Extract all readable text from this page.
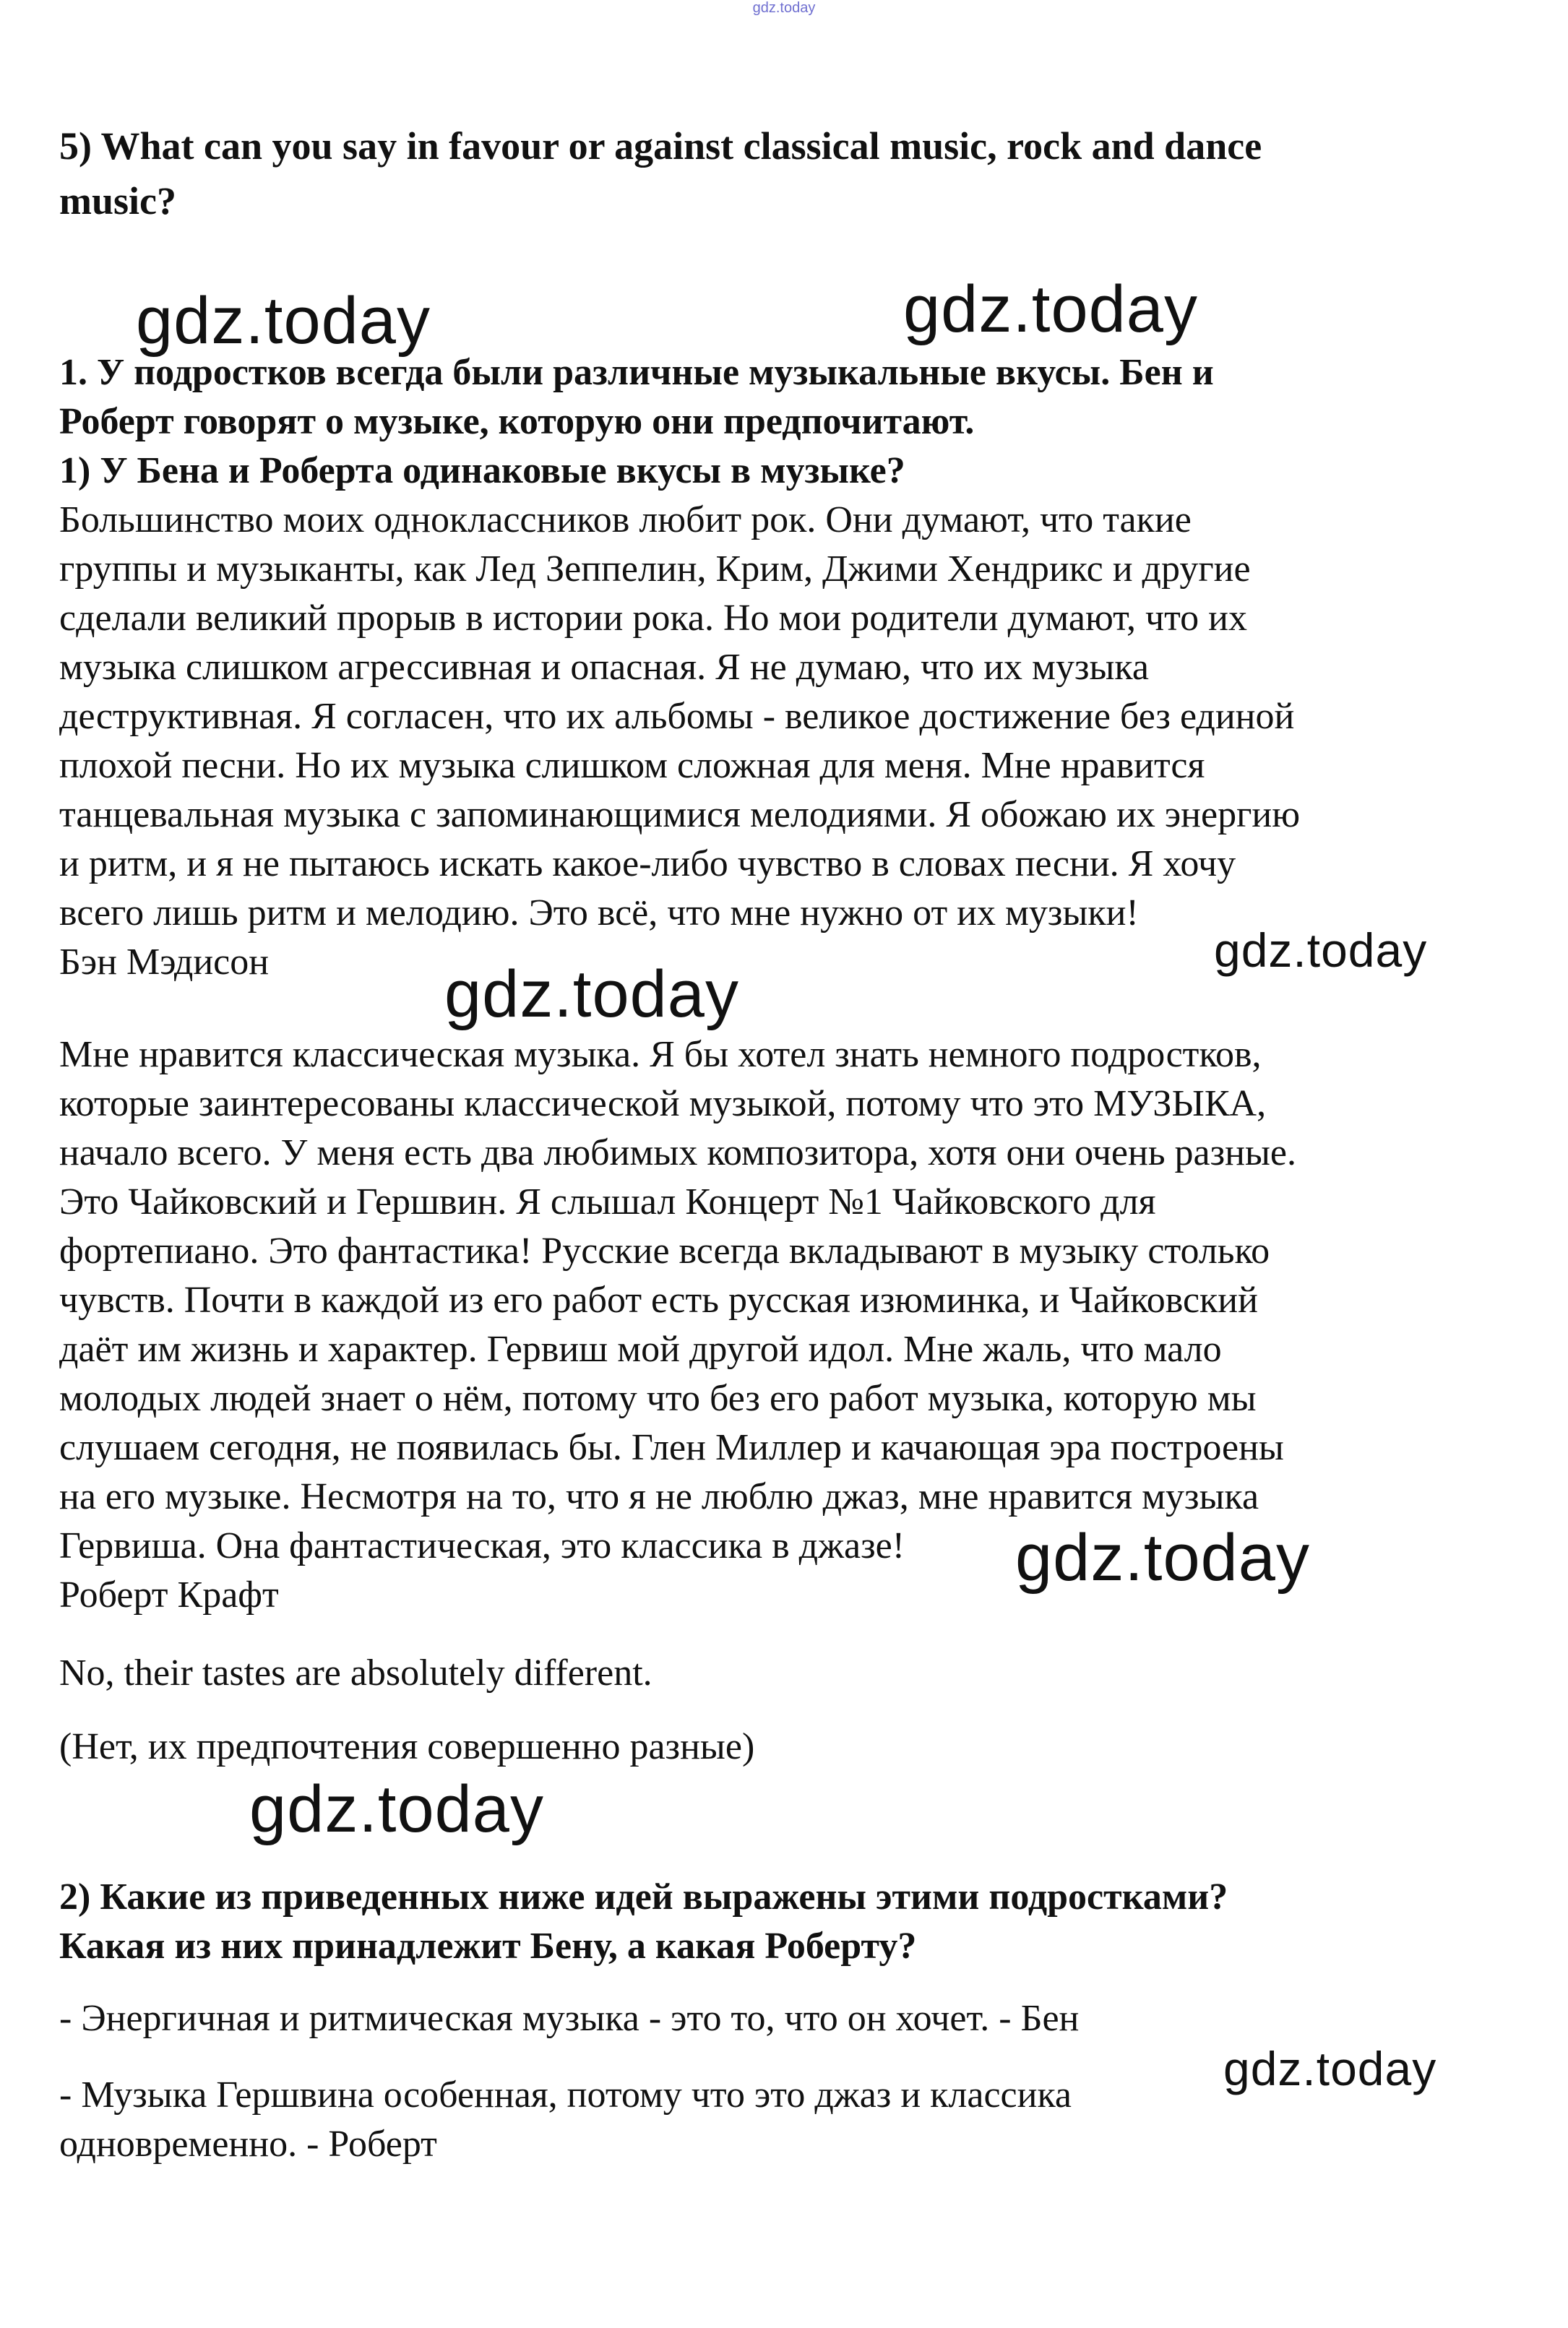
gdz.today
5) What can you say in favour or against classical music, rock and dance
music?
gdz.today	gdz.today
1. У подростков всегда были различные музыкальные вкусы. Бен и
Роберт говорят о музыке, которую они предпочитают.
1) У Бена и Роберта одинаковые вкусы в музыке?
Большинство моих одноклассников любит рок. Они думают, что такие
группы и музыканты, как Лед Зеппелин, Крим, Джими Хендрикс и другие
сделали великий прорыв в истории рока. Но мои родители думают, что их
музыка слишком агрессивная и опасная. Я не думаю, что их музыка
деструктивная. Я согласен, что их альбомы - великое достижение без единой
плохой песни. Но их музыка слишком сложная для меня. Мне нравится
танцевальная музыка с запоминающимися мелодиями. Я обожаю их энергию
и ритм, и я не пытаюсь искать какое-либо чувство в словах песни. Я хочу
всего лишь ритм и мелодию. Это всё, что мне нужно от их музыки!
Бэн Мэдисон	gdz.today
gdz.today
Мне нравится классическая музыка. Я бы хотел знать немного подростков,
которые заинтересованы классической музыкой, потому что это МУЗЫКА,
начало всего. У меня есть два любимых композитора, хотя они очень разные.
Это Чайковский и Гершвин. Я слышал Концерт №1 Чайковского для
фортепиано. Это фантастика! Русские всегда вкладывают в музыку столько
чувств. Почти в каждой из его работ есть русская изюминка, и Чайковский
даёт им жизнь и характер. Гервиш мой другой идол. Мне жаль, что мало
молодых людей знает о нём, потому что без его работ музыка, которую мы
слушаем сегодня, не появилась бы. Глен Миллер и качающая эра построены
на его музыке. Несмотря на то, что я не люблю джаз, мне нравится музыка
Гервиша. Она фантастическая, это классика в джазе!
Роберт Крафт
gdz.today
No, their tastes are absolutely different.
(Нет, их предпочтения совершенно разные)
gdz.today
2) Какие из приведенных ниже идей выражены этими подростками?
Какая из них принадлежит Бену, а какая Роберту?
- Энергичная и ритмическая музыка - это то, что он хочет. - Бен
gdz.today
- Музыка Гершвина особенная, потому что это джаз и классика
одновременно. - Роберт
